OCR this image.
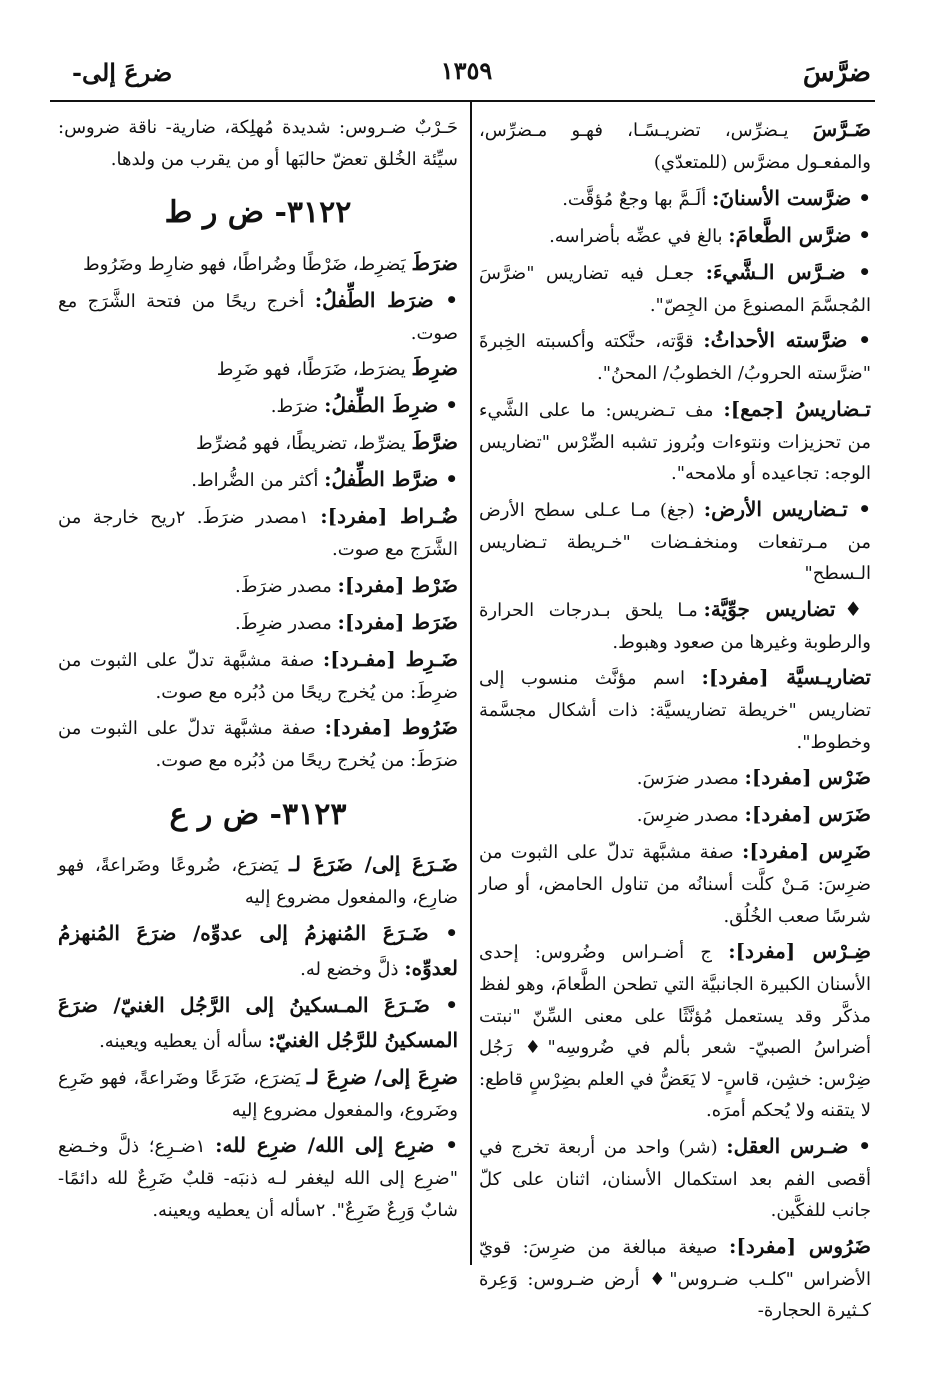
ضرَّسَ
١٣٥٩
ضرعَ إلى-

ضَـرَّسَ يـضرِّس، تضريـسًـا، فهـو مـضرِّس، والمفعـول مضرَّس (للمتعدّي)

• ضرَّست الأسنانَ: ألَـمَّ بها وجعٌ مُؤقَّت.

• ضرَّس الطَّعامَ: بالغ في عضِّه بأضراسه.

• ضـرَّس الـشَّيءَ: جعـل فيه تضاريس "ضرَّسَ المُجسَّمَ المصنوعَ من الجِصّ".

• ضرَّسته الأحداثُ: قوَّته، حنَّكته وأكسبته الخِبرةَ "ضرَّسته الحروبُ/ الخطوبُ/ المحنُ".

تـضاريسُ [جمع]: مف تـضريس: ما على الشَّيء من تحزيزات ونتوءات وبُروز تشبه الضِّرْس "تضاريس الوجه: تجاعيده أو ملامحه".

• تـضاريس الأرض: (جغ) مـا عـلى سطح الأرض من مـرتفعات ومنخفـضات "خـريطة تـضاريس الـسطح"

♦تضاريس جوِّيَّة: مـا يلحق بـدرجات الحرارة والرطوبة وغيرها من صعود وهبوط.

تضاريـسيَّة [مفرد]: اسم مؤنَّث منسوب إلى تضاريس "خريطة تضاريسيَّة: ذات أشكال مجسَّمة وخطوط".

ضَرْس [مفرد]: مصدر ضرَسَ.

ضَرَس [مفرد]: مصدر ضرِسَ.

ضَرِس [مفرد]: صفة مشبَّهة تدلّ على الثبوت من ضرِسَ: مَـنْ كلَّت أسنانُه من تناول الحامض، أو صار شرسًا صعب الخُلُق.

ضِـرْس [مفرد]: ج أضـراس وضُروس: إحدى الأسنان الكبيرة الجانبيَّة التي تطحن الطَّعامَ، وهو لفظ مذكَّر وقد يستعمل مُؤنَّثًا على معنى السِّنّ "نبتت أضراسُ الصبيّ- شعر بألم في ضُروسِه"♦ رَجُل ضِرْس: خشِن، قاسٍ- لا يَعَضُّ في العلم بضِرْسٍ قاطع: لا يتقنه ولا يُحكم أمرَه.

• ضـرس العقل: (شر) واحد من أربعة تخرج في أقصى الفم بعد استكمال الأسنان، اثنان على كلّ جانب للفكَّين.

ضَرُوس [مفرد]: صيغة مبالغة من ضرِسَ: قويّ الأضراس "كلـب ضـروس"♦ أرض ضـروس: وَعِرة كـثيرة الحجارة-

حَـرْبٌ ضـروس: شديدة مُهلِكة، ضارية- ناقة ضروس: سيِّئة الخُلق تعضّ حالبَها أو من يقرب من ولدها.

٣١٢٢- ض ر ط

ضرَطَ يَضرِط، ضَرْطًا وضُراطًا، فهو ضارِط وضَرُوط

• ضرَط الطِّفلُ: أخرج ريحًا من فتحة الشَّرَج مع صوت.

ضرِطَ يضرَط، ضَرَطًا، فهو ضَرِط

• ضرِطَ الطِّفلُ: ضرَط.

ضرَّطَ يضرِّط، تضريطًا، فهو مُضرِّط

• ضرَّط الطِّفلُ: أكثر من الضُّراط.

ضُـراط [مفرد]: ١مصدر ضرَطَ. ٢ريح خارجة من الشَّرَج مع صوت.

ضَرْط [مفرد]: مصدر ضرَطَ.

ضَرَط [مفرد]: مصدر ضرِطَ.

ضَـرِط [مفـرد]: صفة مشبَّهة تدلّ على الثبوت من ضرِطَ: من يُخرج ريحًا من دُبُره مع صوت.

ضَرُوط [مفرد]: صفة مشبَّهة تدلّ على الثبوت من ضرَطَ: من يُخرج ريحًا من دُبُره مع صوت.

٣١٢٣- ض ر ع

ضَـرَعَ إلى/ ضَرَعَ لـ يَضرَع، ضُروعًا وضَراعةً، فهو ضارِع، والمفعول مضروع إليه

• ضَـرَعَ المُنهزمُ إلى عدوِّه/ ضرَعَ المُنهزمُ لعدوِّه: ذلَّ وخضع له.

• ضَـرَعَ المـسكينُ إلى الرَّجُل الغنيّ/ ضرَعَ المسكينُ للرَّجُل الغنيّ: سأله أن يعطيه ويعينه.

ضرِعَ إلى/ ضرِعَ لـ يَضرَع، ضَرَعًا وضَراعةً، فهو ضَرِع وضَروع، والمفعول مضروع إليه

• ضرِع إلى الله/ ضرِع لله: ١ضـرِع؛ ذلَّ وخـضع "ضرِع إلى الله ليغفر لـه ذنبَه- قلبٌ ضَرِعٌ لله دائمًا- شابٌ وَرِعٌ ضَرِعٌ". ٢سأله أن يعطيه ويعينه.
